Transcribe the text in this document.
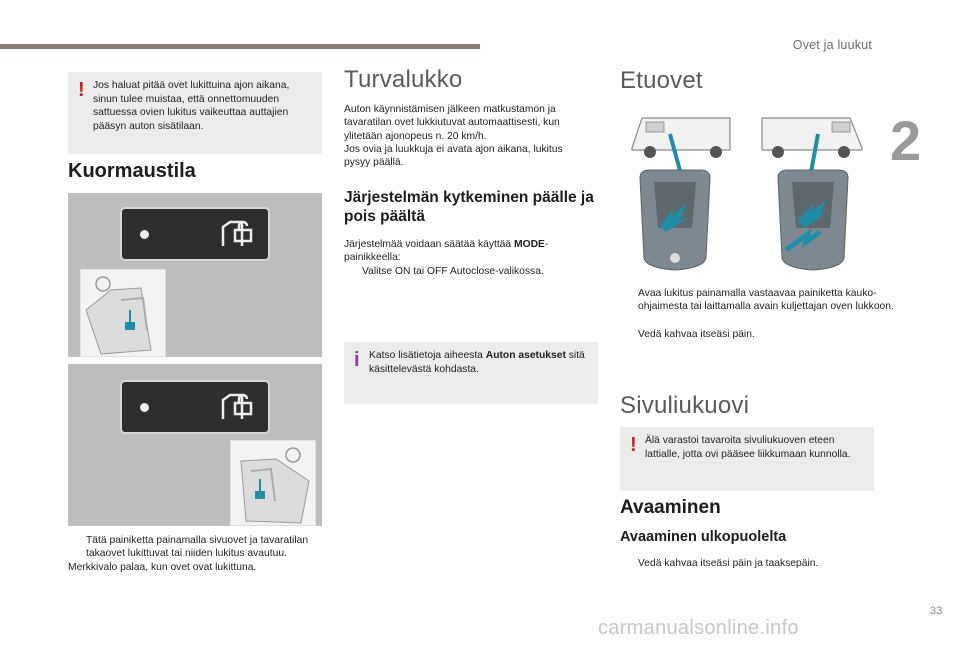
Ovet ja luukut
2
33
! Jos haluat pitää ovet lukittuina ajon aikana, sinun tulee muistaa, että onnettomuuden sattuessa ovien lukitus vaikeuttaa auttajien pääsyn auton sisätilaan.
Kuormaustila
Tätä painiketta painamalla sivuovet ja tavaratilan takaovet lukittuvat tai niiden lukitus avautuu.
Merkkivalo palaa, kun ovet ovat lukittuna.
Turvalukko
Auton käynnistämisen jälkeen matkustamon ja tavaratilan ovet lukkiutuvat automaattisesti, kun ylitetään ajonopeus n. 20 km/h.
Jos ovia ja luukkuja ei avata ajon aikana, lukitus pysyy päällä.
Järjestelmän kytkeminen päälle ja pois päältä
Järjestelmää voidaan säätää käyttää MODE-painikkeella:
Valitse ON tai OFF Autoclose-valikossa.
i Katso lisätietoja aiheesta Auton asetukset sitä käsittelevästä kohdasta.
Etuovet
Avaa lukitus painamalla vastaavaa painiketta kauko-ohjaimesta tai laittamalla avain kuljettajan oven lukkoon.
Vedä kahvaa itseäsi päin.
Sivuliukuovi
! Älä varastoi tavaroita sivuliukuoven eteen lattialle, jotta ovi pääsee liikkumaan kunnolla.
Avaaminen
Avaaminen ulkopuolelta
Vedä kahvaa itseäsi päin ja taaksepäin.
carmanualsonline.info
